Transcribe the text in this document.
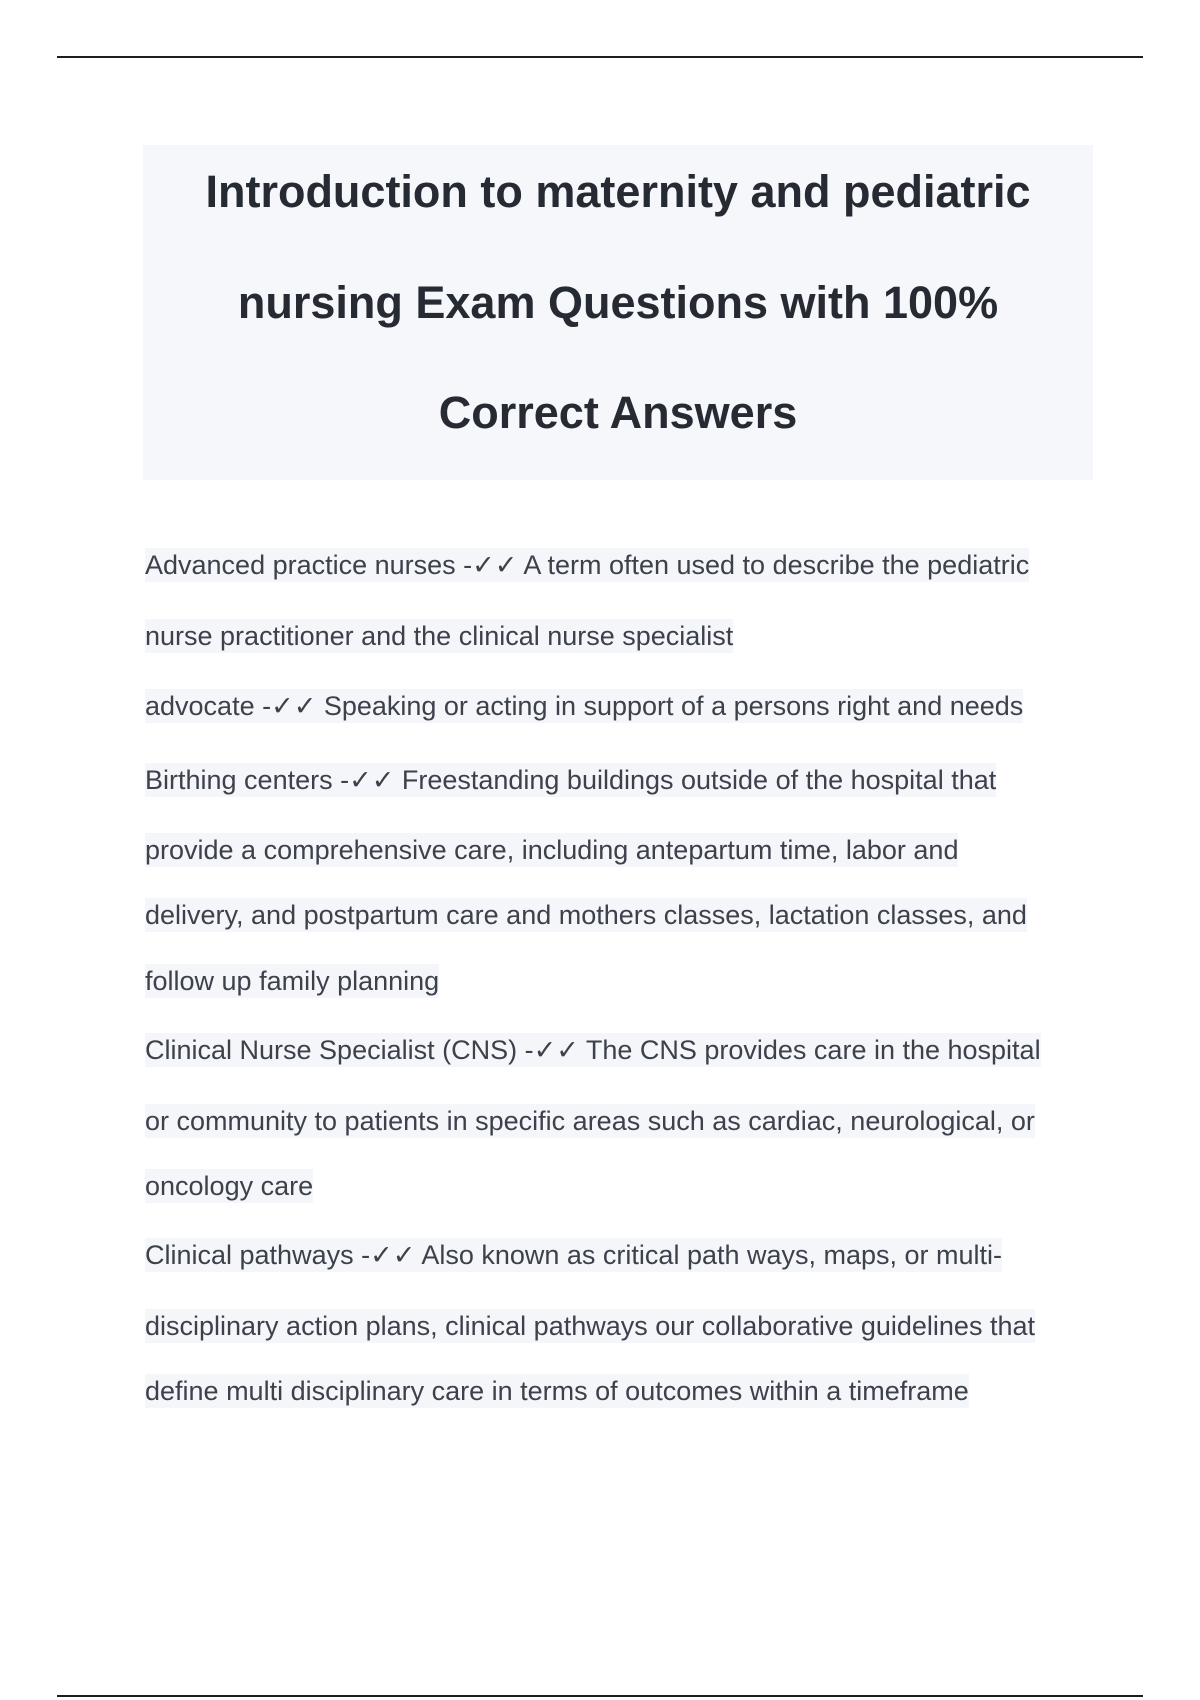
Introduction to maternity and pediatric
nursing Exam Questions with 100%
Correct Answers
Advanced practice nurses -✓✓ A term often used to describe the pediatric
nurse practitioner and the clinical nurse specialist
advocate -✓✓ Speaking or acting in support of a persons right and needs
Birthing centers -✓✓ Freestanding buildings outside of the hospital that
provide a comprehensive care, including antepartum time, labor and
delivery, and postpartum care and mothers classes, lactation classes, and
follow up family planning
Clinical Nurse Specialist (CNS) -✓✓ The CNS provides care in the hospital
or community to patients in specific areas such as cardiac, neurological, or
oncology care
Clinical pathways -✓✓ Also known as critical path ways, maps, or multi-
disciplinary action plans, clinical pathways our collaborative guidelines that
define multi disciplinary care in terms of outcomes within a timeframe
